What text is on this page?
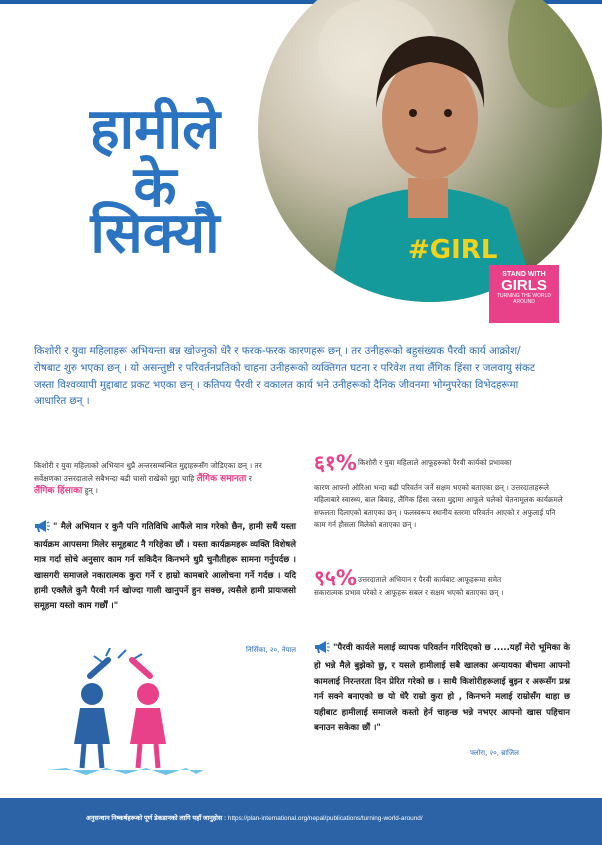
#GIRL
हामीले
के
सिक्यौ
STAND WITH
GIRLS
TURNING THE WORLD AROUND

किशोरी र युवा महिलाहरू अभियन्ता बन्न खोज्नुको धेरै र फरक-फरक कारणहरू छन् । तर उनीहरूको बहुसंख्यक पैरवी कार्य आक्रोश/रोषबाट शुरु भएका छन् । यो असन्तुष्टी र परिवर्तनप्रतिको चाहना उनीहरूको व्यक्तिगत घटना र परिवेश तथा लैंगिक हिंसा र जलवायु संकट जस्ता विश्वव्यापी मुद्दाबाट प्रकट भएका छन् । कतिपय पैरवी र वकालत कार्य भने उनीहरूको दैनिक जीवनमा भोग्नुपरेका विभेदहरूमा आधारित छन् ।

किशोरी र युवा महिलाको अभियान धुप्रै अन्तरसम्बन्धित मुद्दाहरूसँग जोडिएका छन् । तर सर्वेक्षणका उत्तरदाताले सबैभन्दा बढी चासो राखेको मुद्दा चाहि लैंगिक समानता र लैंगिक हिंसाका हुन् ।

" मैले अभियान र कुनै पनि गतिविधि आफैंले मात्र गरेको छैन, हामी सधैं यस्ता कार्यक्रम आपसमा मिलेर समूहबाट नै गरिहेका छौं । यस्ता कार्यक्रमहरू व्यक्ति विशेषले मात्र गर्दा सोचे अनुसार काम गर्न सकिदैन किनभने धुप्रै चुनौतीहरू सामना गर्नुपर्दछ । खासगरी समाजले नकारात्मक कुरा गर्ने र हाम्रो कामबारे आलोचना गर्ने गर्दछ । यदि हामी एक्लैले कुनै पैरवी गर्न खोज्दा गाली खानुपर्ने हुन सक्छ, त्यसैले हामी प्रायःजसो समूहमा यस्तो काम गर्छौं ।"

निर्सिका, २०, नेपाल
६१% किशोरी र युवा महिलाले आफूहरूको पैरवी कार्यको प्रभावका

कारण आफ्नो ओरिआ भन्दा बढी परिवर्तन जर्ने सक्षम भएको बताएका छन् । उत्तरदाताहरूले महिलाबारे स्वास्थ्य, बाल बिवाह, लैंगिक हिंसा जस्ता मुद्दामा आफूले चलेको चेतनामूलक कार्यक्रमले सफलता दिलाएको बताएका छन् । फलस्वरूप स्थानीय स्तरमा परिवर्तन आएको र अफुलाई पनि काम गर्न हौसला मिलेको बताएका छन् ।

९५% उत्तरदाताले अभियान र पैरवी कार्यबाट आफूहरूमा समेत

सकारात्मक प्रभाव परेको र आफूहरू सबल र सक्षम भएको बताएका छन् ।

"पैरवी कार्यले मलाई व्यापक परिवर्तन गरिदिएको छ .....यहाँ मेरो भूमिका के हो भन्ने मैले बुझेको छु, र यसले हामीलाई सबै खालका अन्यायका बीचमा आफ्नो कामलाई निरन्तरता दिन प्रेरित गरेको छ । साथै किशोरीहरूलाई बुझ्न र अरूसँग प्रश्न गर्न सक्ने बनाएको छ यो धेरै राम्रो कुरा हो , किनभने मलाई राम्रोसँग थाहा छ यहीबाट हामीलाई समाजले कस्तो हेर्न चाहन्छ भन्ने नभएर आफ्नो खास पहिचान बनाउन सकेका छौं ।"

फ्लोरा, २०, ब्राजिल
अनुसन्धान निष्कर्षहरूको पूर्ण डेकडानको लागि यहाँ जानुहोस : https://plan-international.org/nepal/publications/turning-world-around/
